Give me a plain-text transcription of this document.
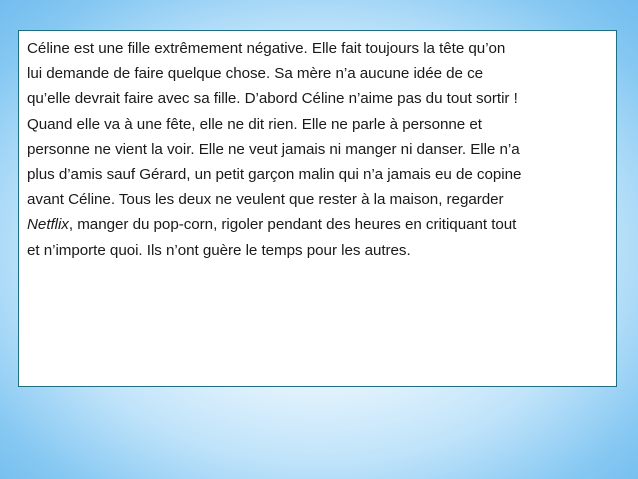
Céline est une fille extrêmement négative. Elle fait toujours la tête qu’on
lui demande de faire quelque chose. Sa mère n’a aucune idée de ce
qu’elle devrait faire avec sa fille. D’abord Céline n’aime pas du tout sortir !
Quand elle va à une fête, elle ne dit rien. Elle ne parle à personne et
personne ne vient la voir. Elle ne veut jamais ni manger ni danser. Elle n’a
plus d’amis sauf Gérard, un petit garçon malin qui n’a jamais eu de copine
avant Céline. Tous les deux ne veulent que rester à la maison, regarder
Netflix, manger du pop-corn, rigoler pendant des heures en critiquant tout
et n’importe quoi. Ils n’ont guère le temps pour les autres.
